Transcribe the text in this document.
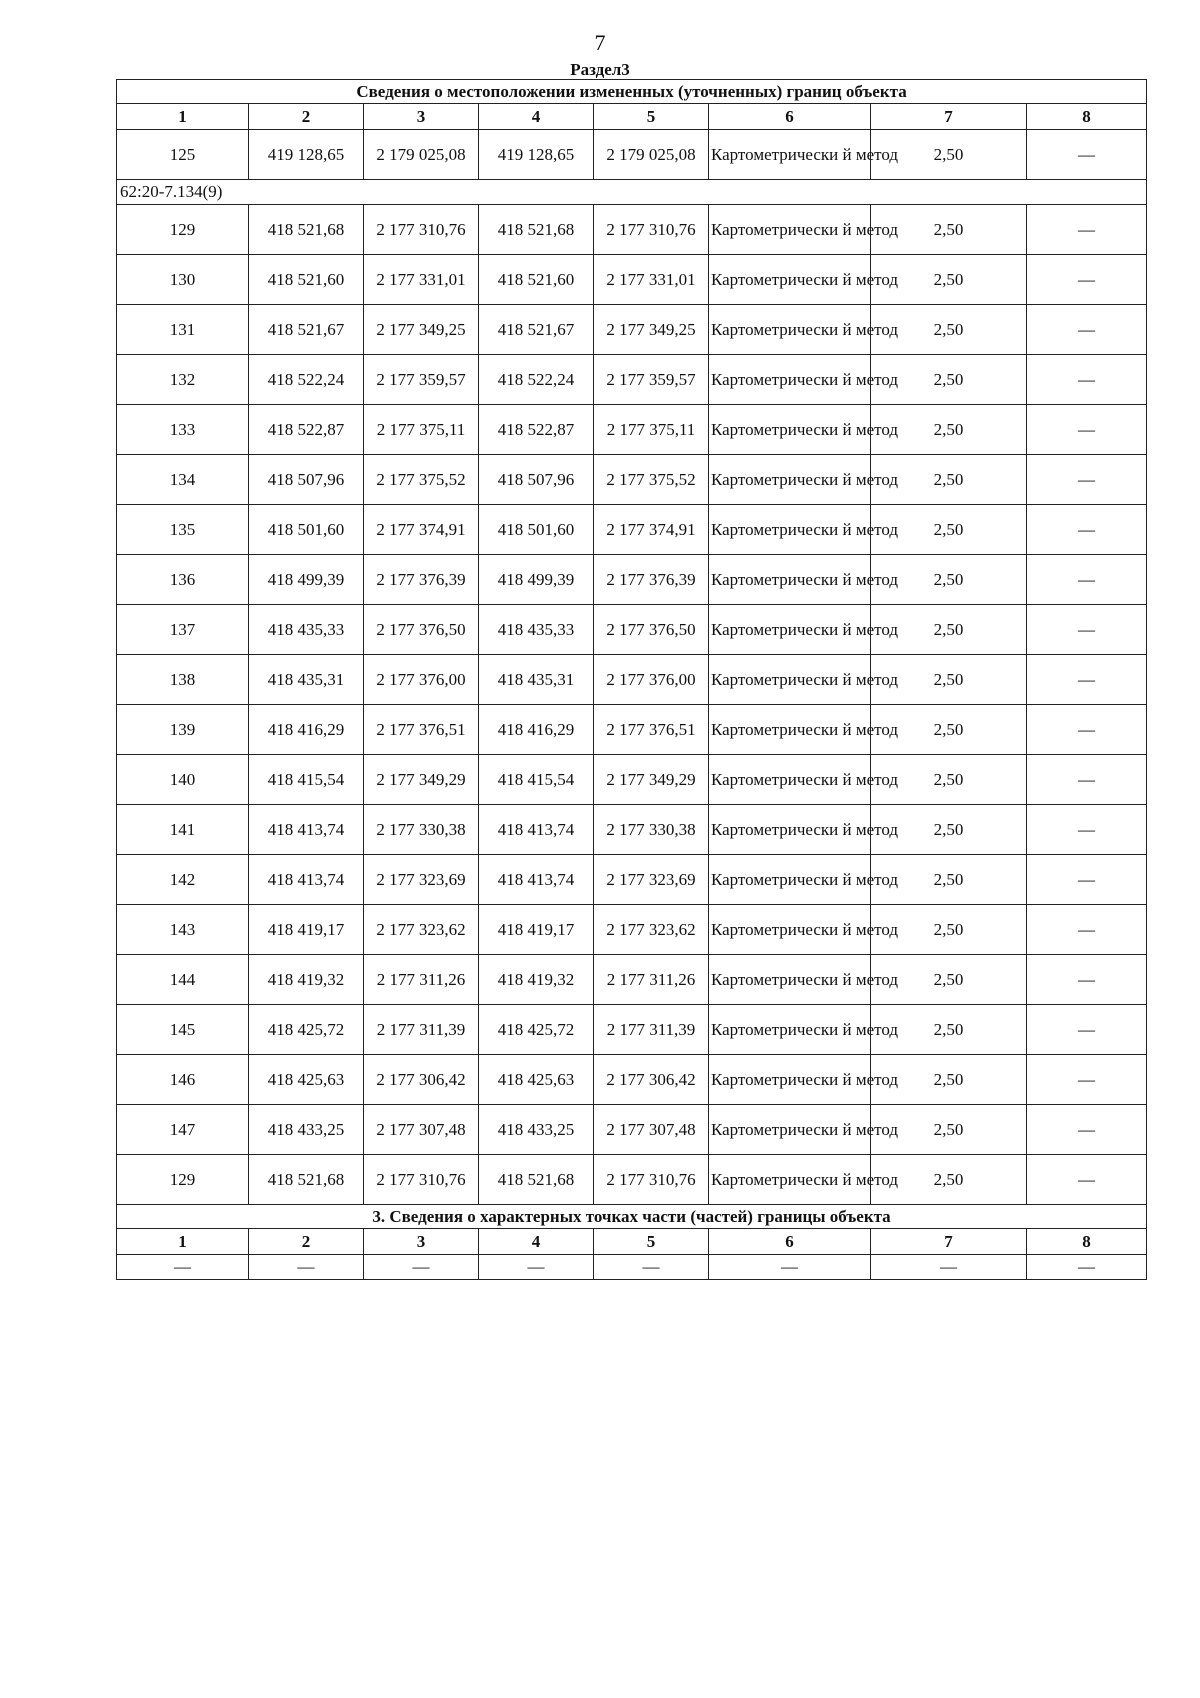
7
Раздел3
Сведения о местоположении измененных (уточненных) границ объекта							
1	2	3	4	5	6	7	8
125	419 128,65	2 179 025,08	419 128,65	2 179 025,08	Картометрически й метод	2,50	—
62:20-7.134(9)							
129	418 521,68	2 177 310,76	418 521,68	2 177 310,76	Картометрически й метод	2,50	—
130	418 521,60	2 177 331,01	418 521,60	2 177 331,01	Картометрически й метод	2,50	—
131	418 521,67	2 177 349,25	418 521,67	2 177 349,25	Картометрически й метод	2,50	—
132	418 522,24	2 177 359,57	418 522,24	2 177 359,57	Картометрически й метод	2,50	—
133	418 522,87	2 177 375,11	418 522,87	2 177 375,11	Картометрически й метод	2,50	—
134	418 507,96	2 177 375,52	418 507,96	2 177 375,52	Картометрически й метод	2,50	—
135	418 501,60	2 177 374,91	418 501,60	2 177 374,91	Картометрически й метод	2,50	—
136	418 499,39	2 177 376,39	418 499,39	2 177 376,39	Картометрически й метод	2,50	—
137	418 435,33	2 177 376,50	418 435,33	2 177 376,50	Картометрически й метод	2,50	—
138	418 435,31	2 177 376,00	418 435,31	2 177 376,00	Картометрически й метод	2,50	—
139	418 416,29	2 177 376,51	418 416,29	2 177 376,51	Картометрически й метод	2,50	—
140	418 415,54	2 177 349,29	418 415,54	2 177 349,29	Картометрически й метод	2,50	—
141	418 413,74	2 177 330,38	418 413,74	2 177 330,38	Картометрически й метод	2,50	—
142	418 413,74	2 177 323,69	418 413,74	2 177 323,69	Картометрически й метод	2,50	—
143	418 419,17	2 177 323,62	418 419,17	2 177 323,62	Картометрически й метод	2,50	—
144	418 419,32	2 177 311,26	418 419,32	2 177 311,26	Картометрически й метод	2,50	—
145	418 425,72	2 177 311,39	418 425,72	2 177 311,39	Картометрически й метод	2,50	—
146	418 425,63	2 177 306,42	418 425,63	2 177 306,42	Картометрически й метод	2,50	—
147	418 433,25	2 177 307,48	418 433,25	2 177 307,48	Картометрически й метод	2,50	—
129	418 521,68	2 177 310,76	418 521,68	2 177 310,76	Картометрически й метод	2,50	—
3. Сведения о характерных точках части (частей) границы объекта							
1	2	3	4	5	6	7	8
—	—	—	—	—	—	—	—
